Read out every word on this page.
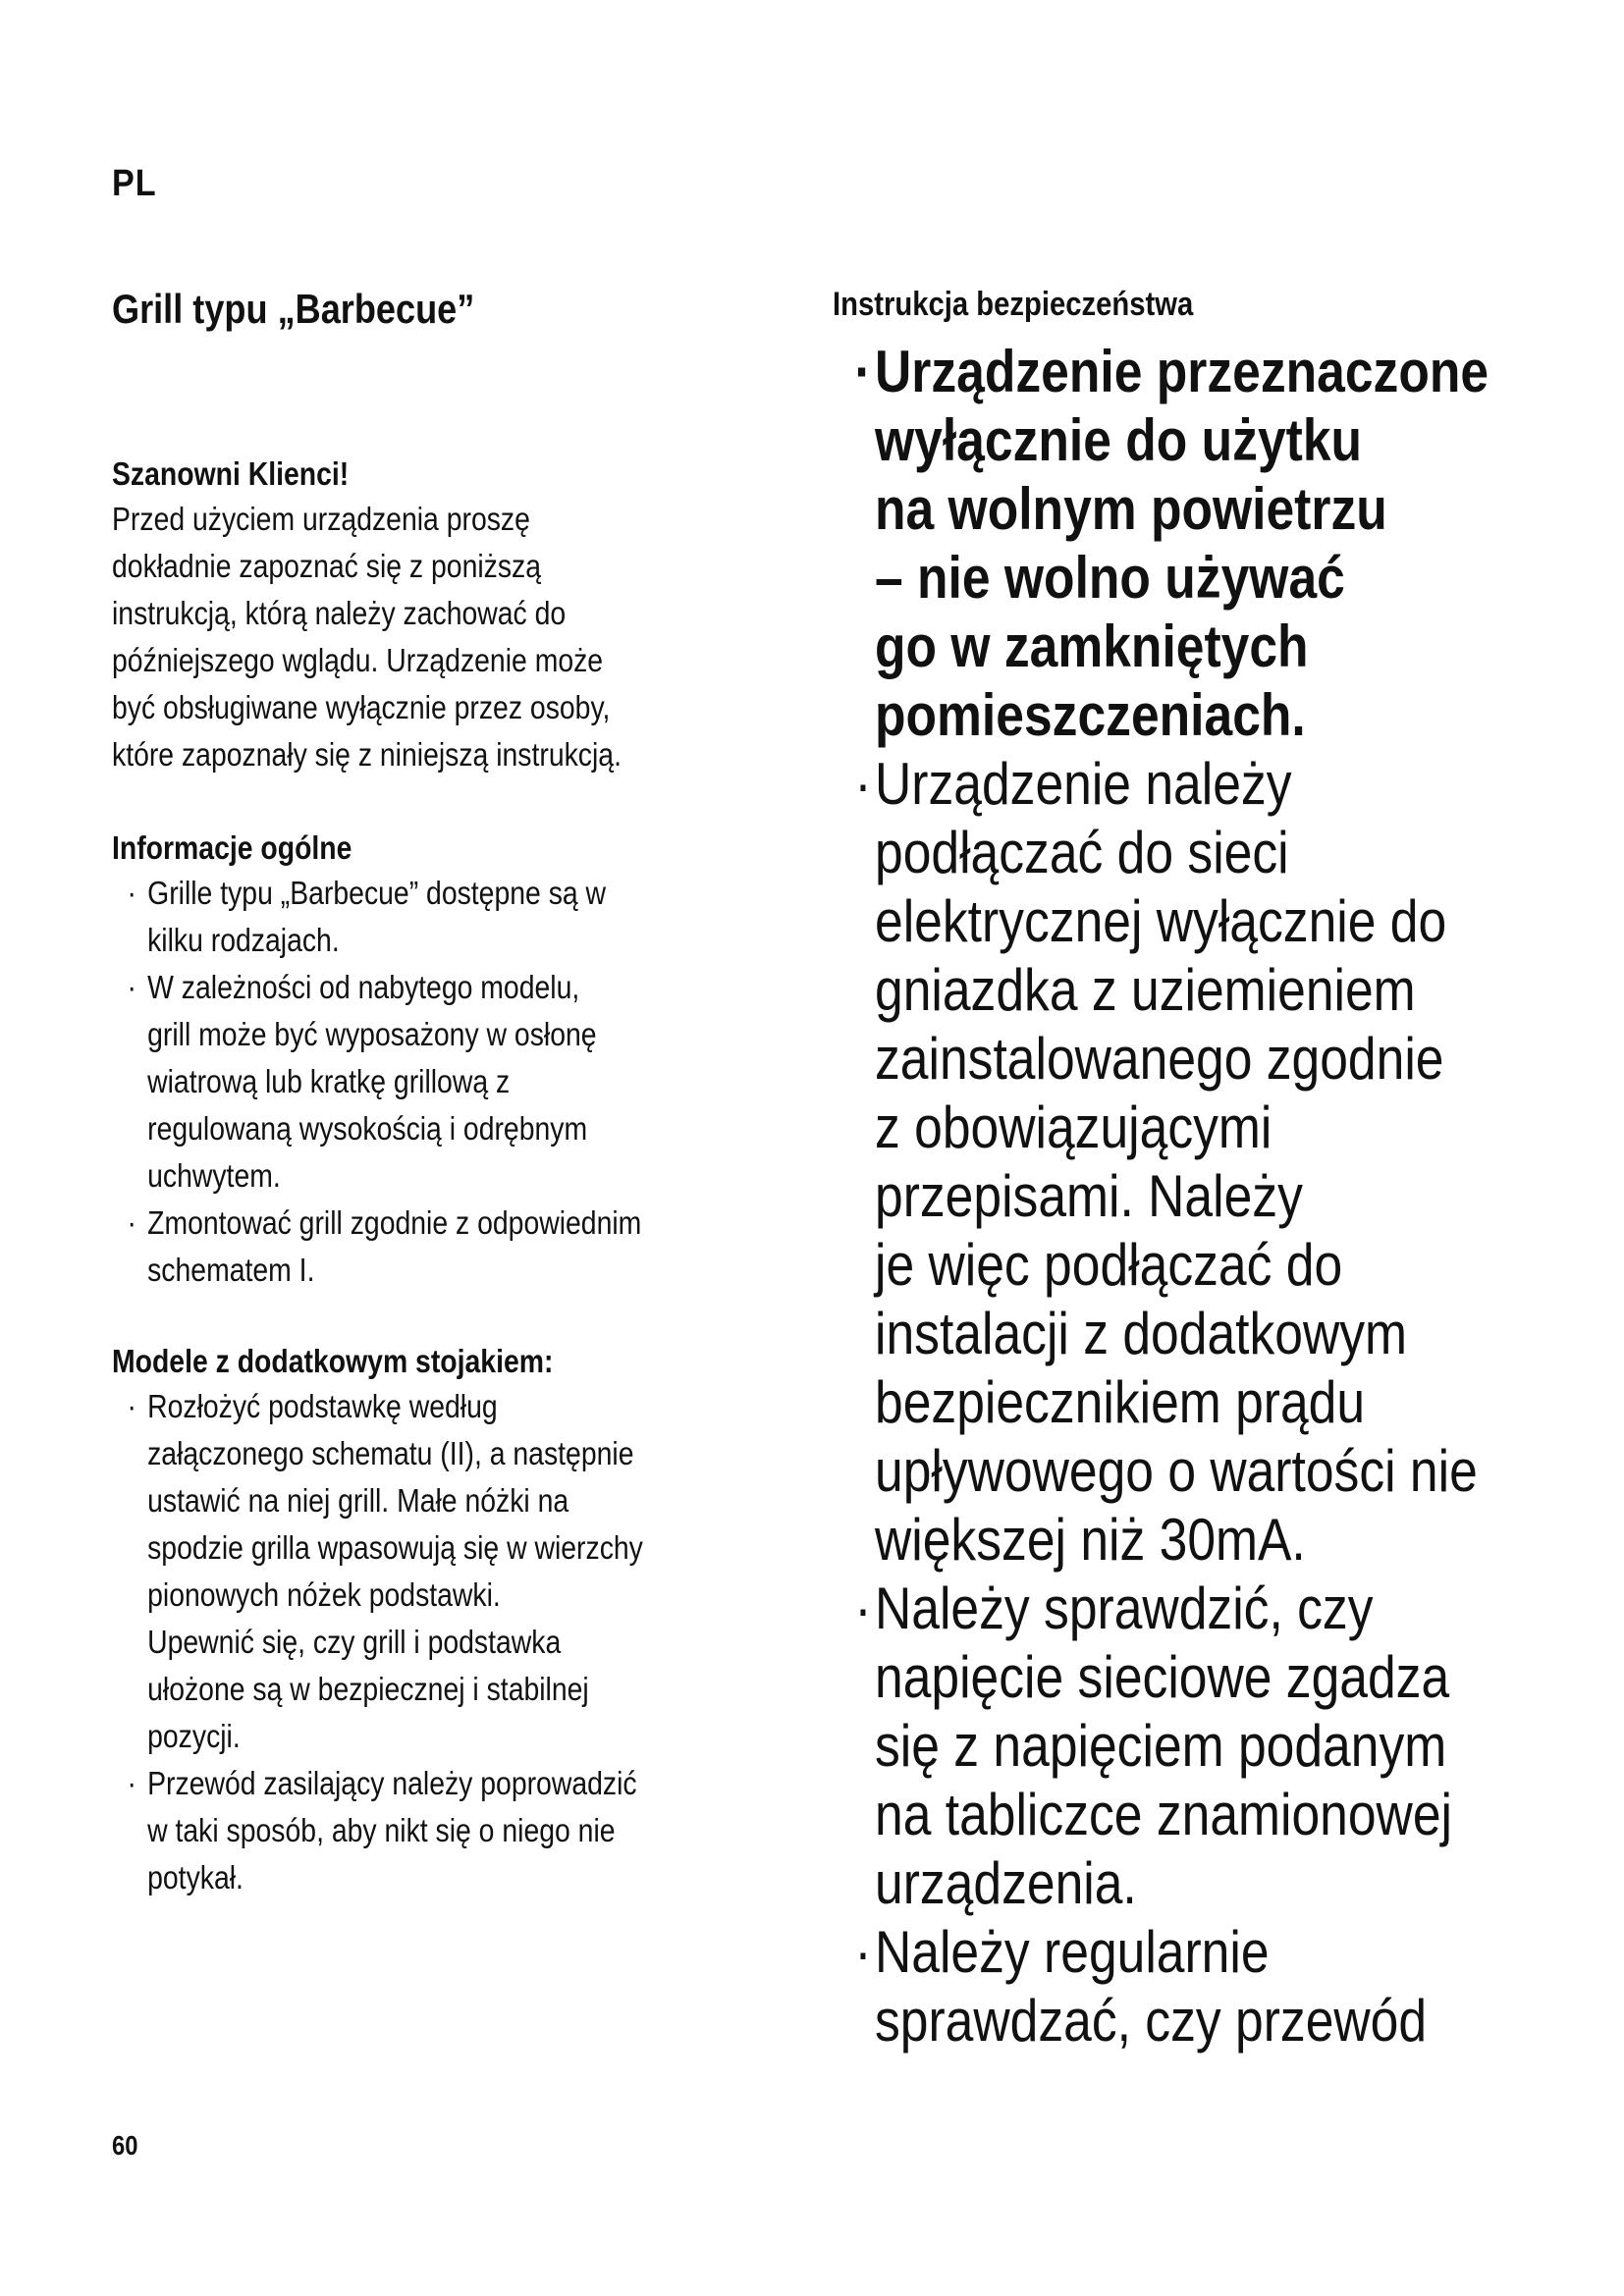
PL
Grill typu „Barbecue”
Szanowni Klienci!
Przed użyciem urządzenia proszę
dokładnie zapoznać się z poniższą
instrukcją, którą należy zachować do
późniejszego wglądu. Urządzenie może
być obsługiwane wyłącznie przez osoby,
które zapoznały się z niniejszą instrukcją.
Informacje ogólne
· Grille typu „Barbecue” dostępne są w
kilku rodzajach.
· W zależności od nabytego modelu,
grill może być wyposażony w osłonę
wiatrową lub kratkę grillową z
regulowaną wysokością i odrębnym
uchwytem.
· Zmontować grill zgodnie z odpowiednim
schematem I.
Modele z dodatkowym stojakiem:
· Rozłożyć podstawkę według
załączonego schematu (II), a następnie
ustawić na niej grill. Małe nóżki na
spodzie grilla wpasowują się w wierzchy
pionowych nóżek podstawki.
Upewnić się, czy grill i podstawka
ułożone są w bezpiecznej i stabilnej
pozycji.
· Przewód zasilający należy poprowadzić
w taki sposób, aby nikt się o niego nie
potykał.
Instrukcja bezpieczeństwa
· Urządzenie przeznaczone
wyłącznie do użytku
na wolnym powietrzu
– nie wolno używać
go w zamkniętych
pomieszczeniach.
· Urządzenie należy
podłączać do sieci
elektrycznej wyłącznie do
gniazdka z uziemieniem
zainstalowanego zgodnie
z obowiązującymi
przepisami. Należy
je więc podłączać do
instalacji z dodatkowym
bezpiecznikiem prądu
upływowego o wartości nie
większej niż 30mA.
· Należy sprawdzić, czy
napięcie sieciowe zgadza
się z napięciem podanym
na tabliczce znamionowej
urządzenia.
· Należy regularnie
sprawdzać, czy przewód
60
